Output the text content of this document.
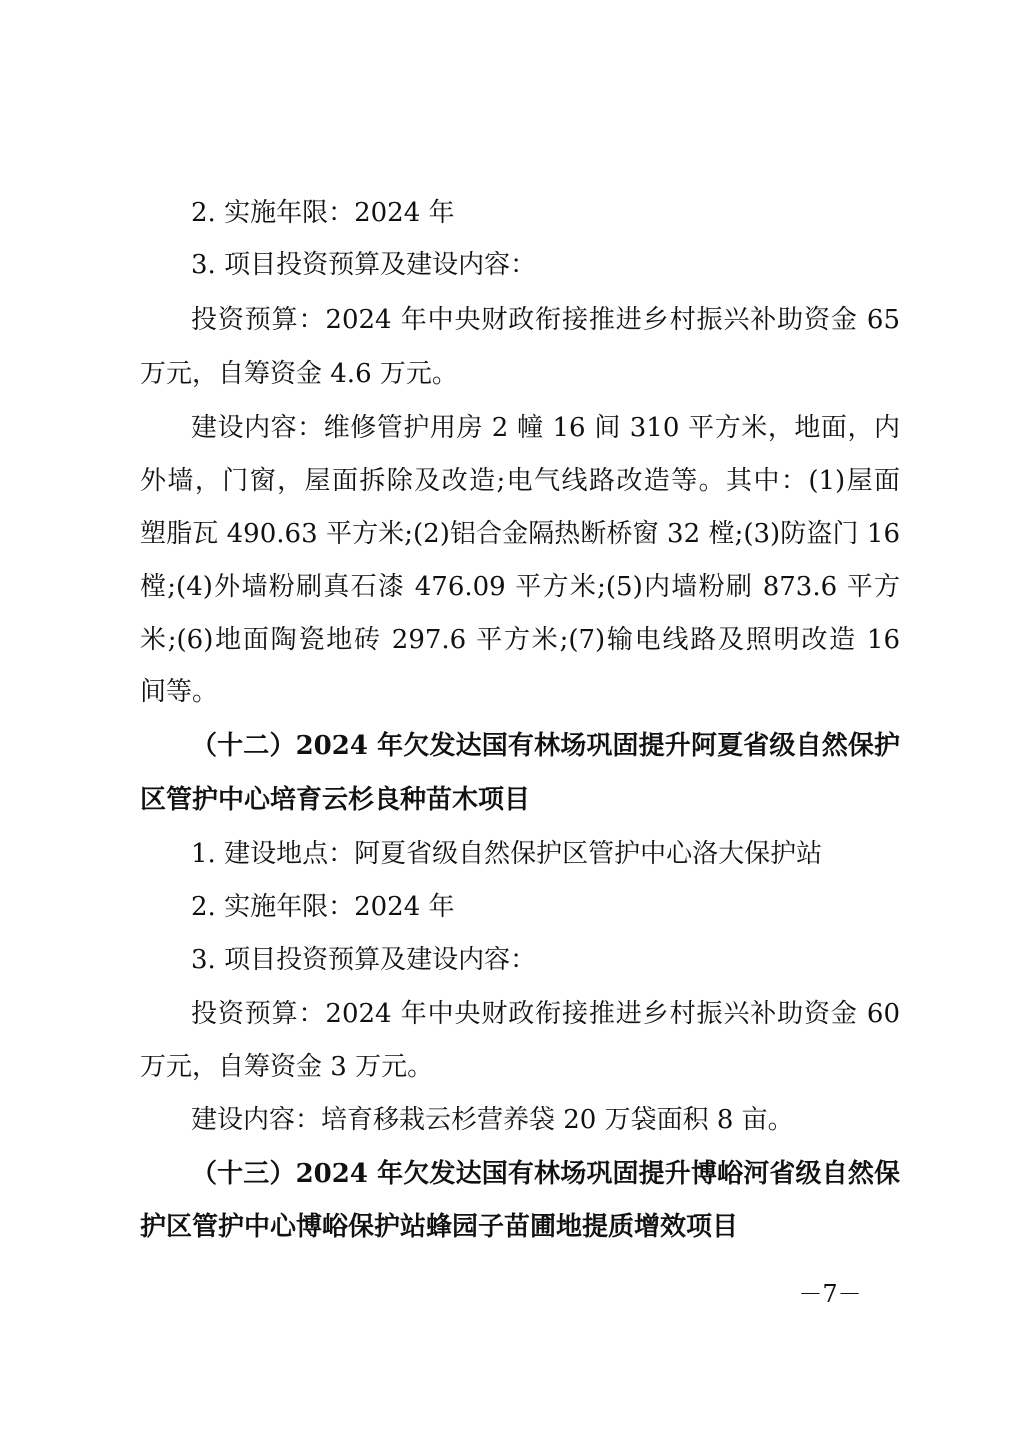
2. 实施年限：2024 年
3. 项目投资预算及建设内容：
投资预算：2024 年中央财政衔接推进乡村振兴补助资金 65
万元，自筹资金 4.6 万元。
建设内容：维修管护用房 2 幢 16 间 310 平方米，地面，内
外墙，门窗，屋面拆除及改造;电气线路改造等。其中：(1)屋面
塑脂瓦 490.63 平方米;(2)铝合金隔热断桥窗 32 樘;(3)防盗门 16
樘;(4)外墙粉刷真石漆 476.09 平方米;(5)内墙粉刷 873.6 平方
米;(6)地面陶瓷地砖 297.6 平方米;(7)输电线路及照明改造 16
间等。
（十二）2024 年欠发达国有林场巩固提升阿夏省级自然保护
区管护中心培育云杉良种苗木项目
1. 建设地点：阿夏省级自然保护区管护中心洛大保护站
2. 实施年限：2024 年
3. 项目投资预算及建设内容：
投资预算：2024 年中央财政衔接推进乡村振兴补助资金 60
万元，自筹资金 3 万元。
建设内容：培育移栽云杉营养袋 20 万袋面积 8 亩。
（十三）2024 年欠发达国有林场巩固提升博峪河省级自然保
护区管护中心博峪保护站蜂园子苗圃地提质增效项目
－7－
